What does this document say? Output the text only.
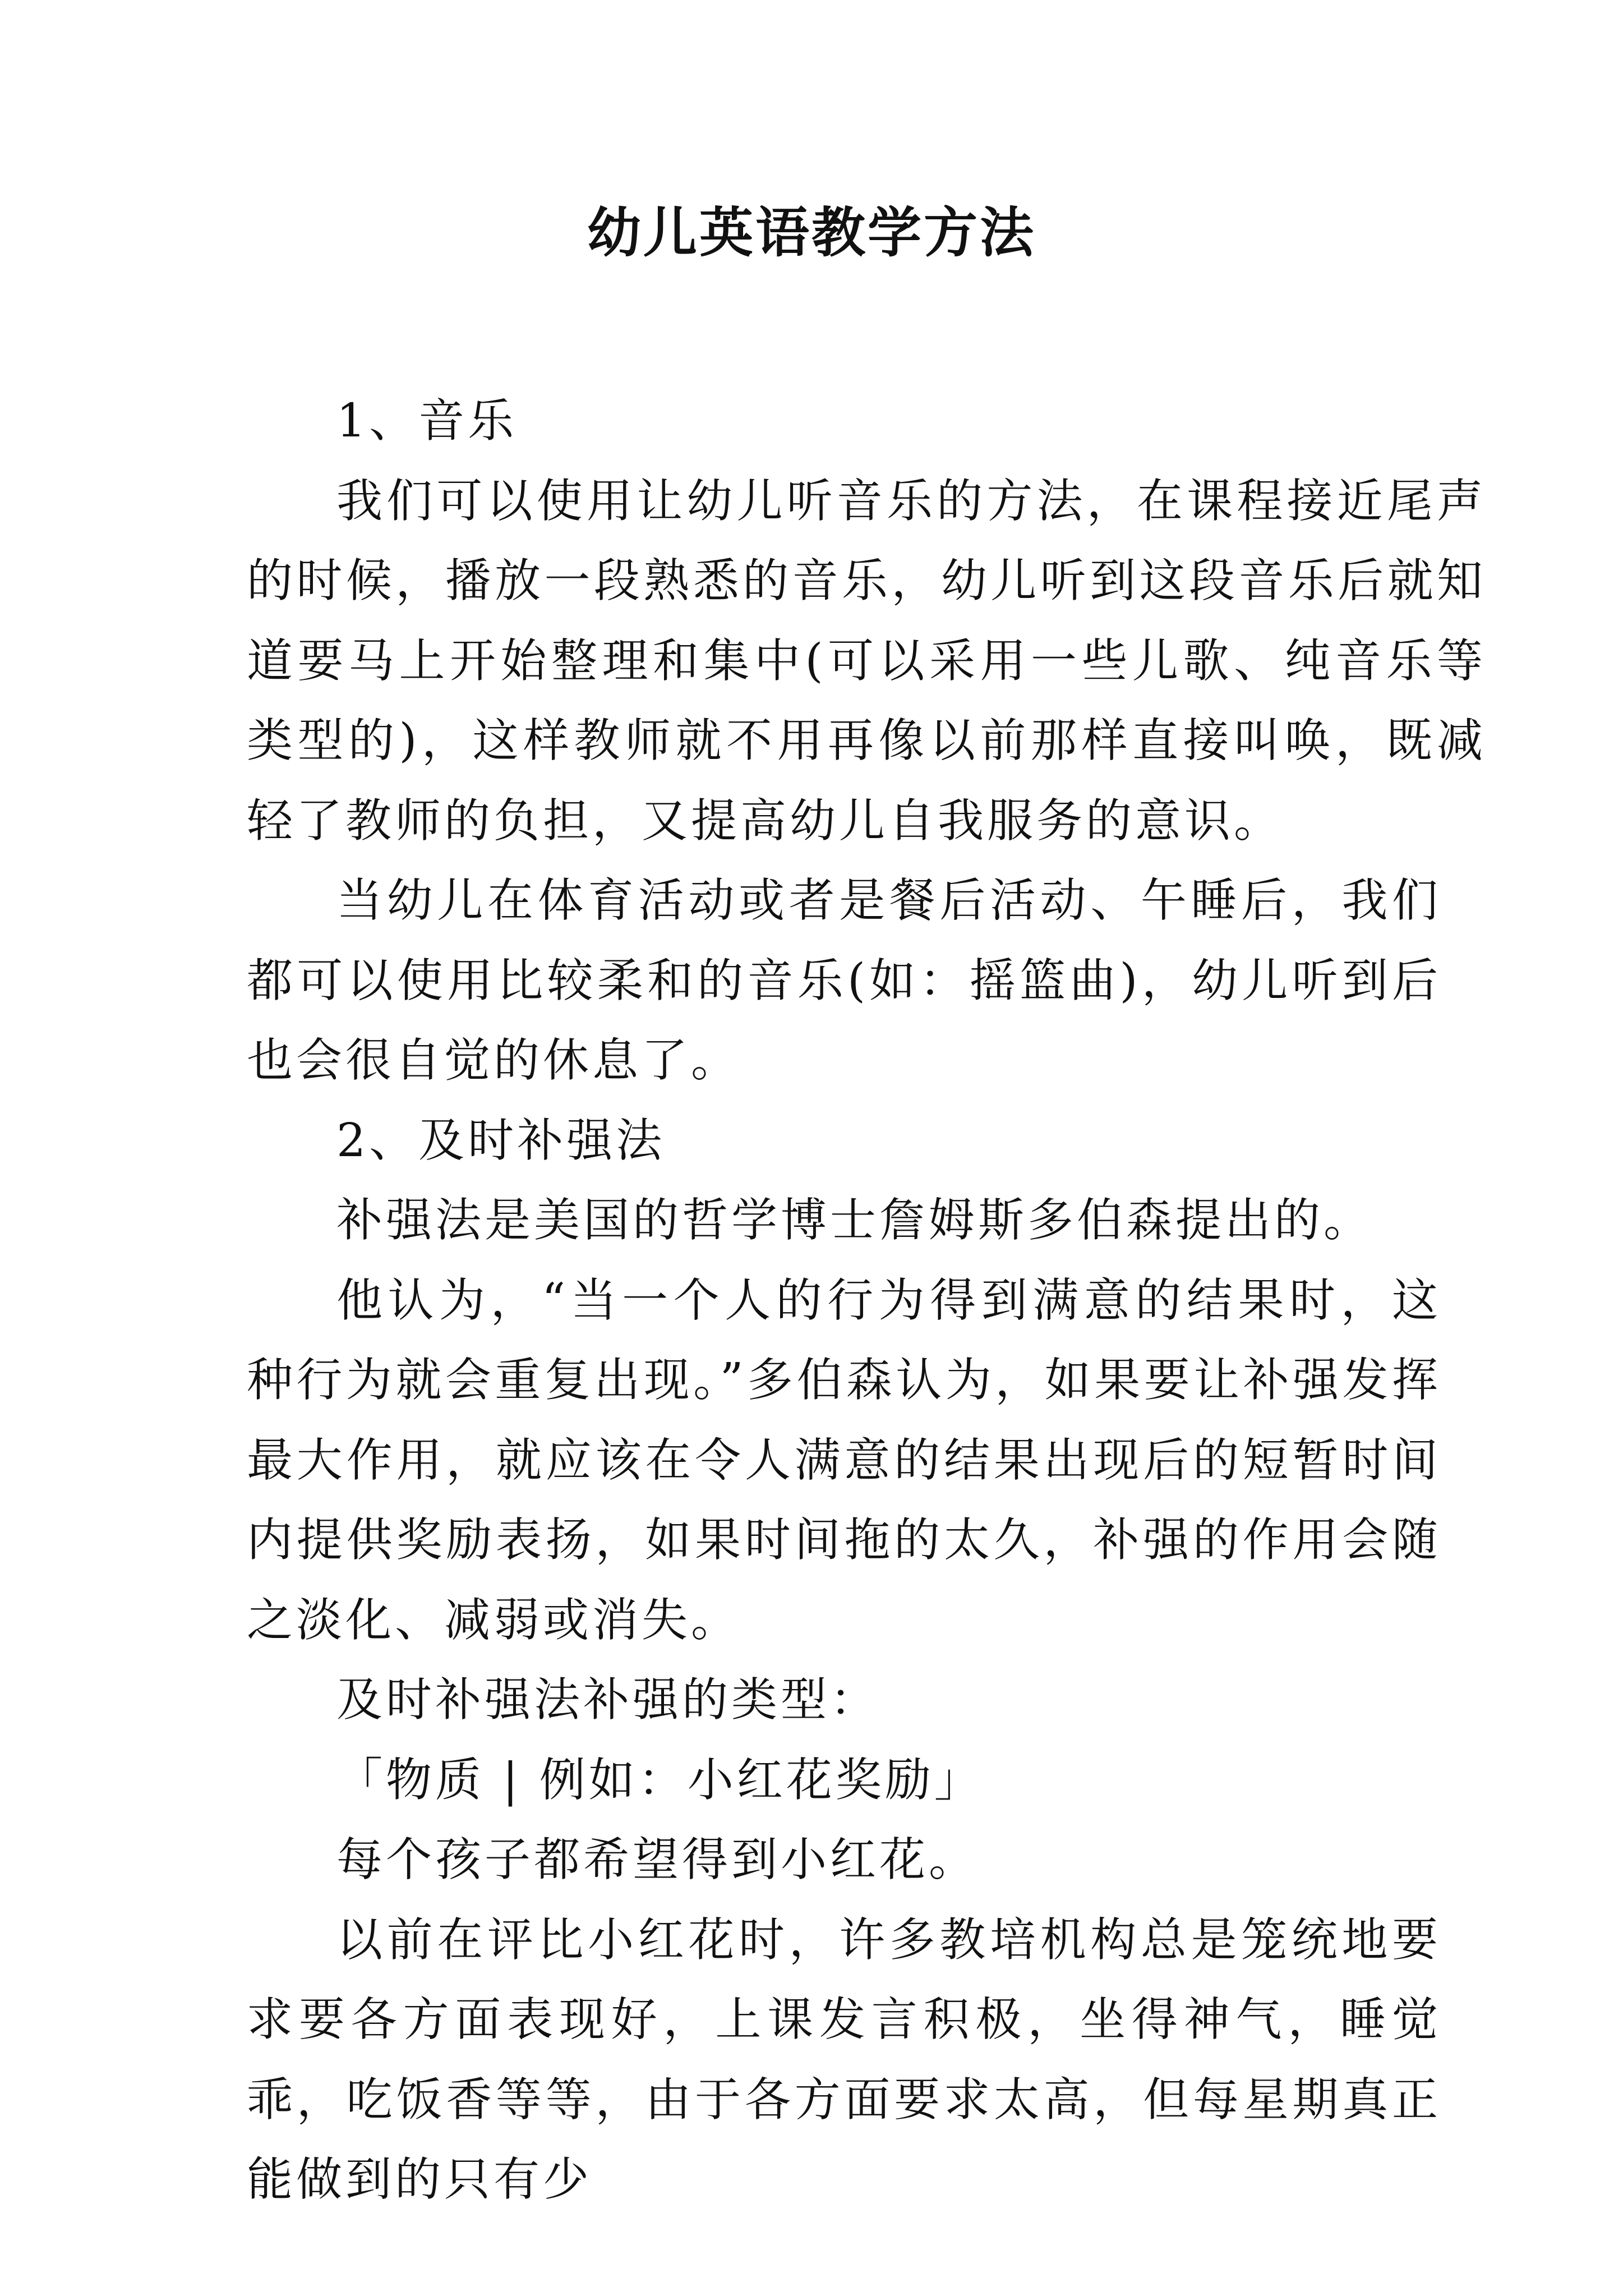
幼儿英语教学方法

1、音乐

我们可以使用让幼儿听音乐的方法，在课程接近尾声的时候，播放一段熟悉的音乐，幼儿听到这段音乐后就知道要马上开始整理和集中(可以采用一些儿歌、纯音乐等类型的)，这样教师就不用再像以前那样直接叫唤，既减轻了教师的负担，又提高幼儿自我服务的意识。

当幼儿在体育活动或者是餐后活动、午睡后，我们都可以使用比较柔和的音乐(如：摇篮曲)，幼儿听到后也会很自觉的休息了。

2、及时补强法

补强法是美国的哲学博士詹姆斯多伯森提出的。

他认为，“当一个人的行为得到满意的结果时，这种行为就会重复出现。”多伯森认为，如果要让补强发挥最大作用，就应该在令人满意的结果出现后的短暂时间内提供奖励表扬，如果时间拖的太久，补强的作用会随之淡化、减弱或消失。

及时补强法补强的类型：

「物质 | 例如：小红花奖励」

每个孩子都希望得到小红花。

以前在评比小红花时，许多教培机构总是笼统地要求要各方面表现好，上课发言积极，坐得神气，睡觉乖，吃饭香等等，由于各方面要求太高，但每星期真正能做到的只有少
